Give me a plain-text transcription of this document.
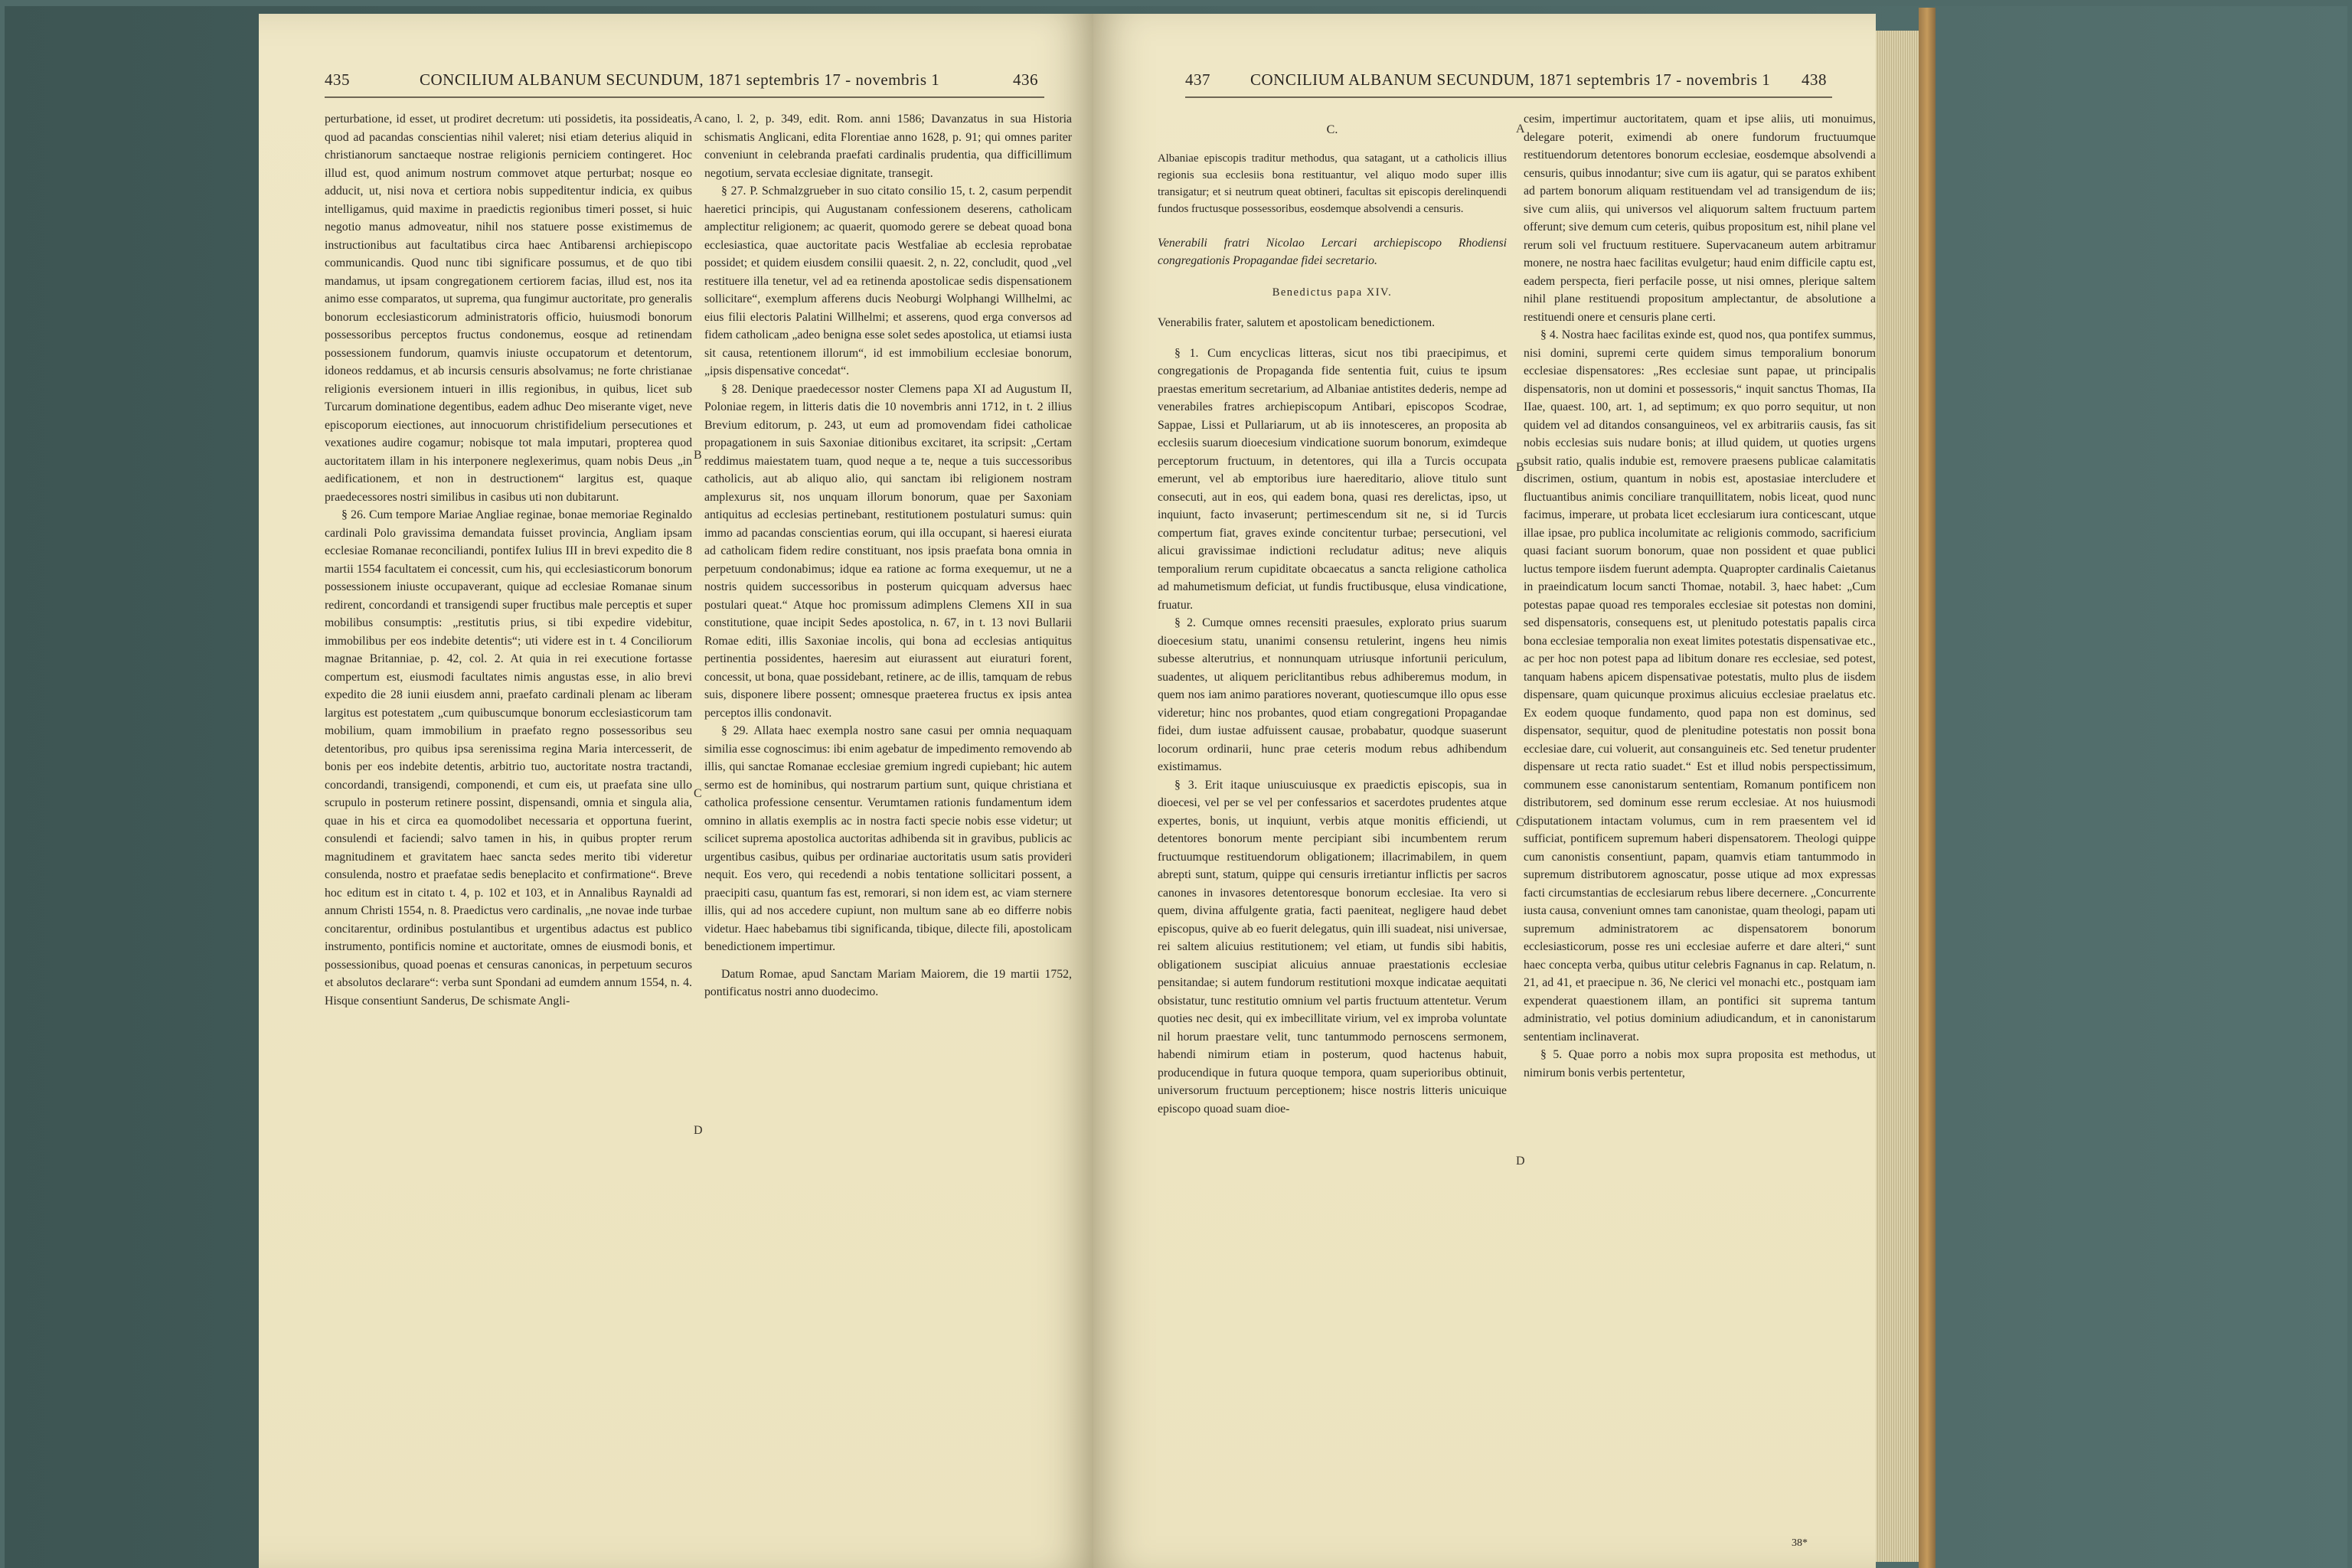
435	CONCILIUM ALBANUM SECUNDUM, 1871 septembris 17 - novembris 1	436

perturbatione, id esset, ut prodiret decretum: uti possidetis, ita possideatis, quod ad pacandas conscientias nihil valeret; nisi etiam deterius aliquid in christianorum sanctaeque nostrae religionis perniciem contingeret. Hoc illud est, quod animum nostrum commovet atque perturbat; nosque eo adducit, ut, nisi nova et certiora nobis suppeditentur indicia, ex quibus intelligamus, quid maxime in praedictis regionibus timeri posset, si huic negotio manus admoveatur, nihil nos statuere posse existimemus de instructionibus aut facultatibus circa haec Antibarensi archiepiscopo communicandis. Quod nunc tibi significare possumus, et de quo tibi mandamus, ut ipsam congregationem certiorem facias, illud est, nos ita animo esse comparatos, ut suprema, qua fungimur auctoritate, pro generalis bonorum ecclesiasticorum administratoris officio, huiusmodi bonorum possessoribus perceptos fructus condonemus, eosque ad retinendam possessionem fundorum, quamvis iniuste occupatorum et detentorum, idoneos reddamus, et ab incursis censuris absolvamus; ne forte christianae religionis eversionem intueri in illis regionibus, in quibus, licet sub Turcarum dominatione degentibus, eadem adhuc Deo miserante viget, neve episcoporum eiectiones, aut innocuorum christifidelium persecutiones et vexationes audire cogamur; nobisque tot mala imputari, propterea quod auctoritatem illam in his interponere neglexerimus, quam nobis Deus „in aedificationem, et non in destructionem“ largitus est, quaque praedecessores nostri similibus in casibus uti non dubitarunt.

§ 26. Cum tempore Mariae Angliae reginae, bonae memoriae Reginaldo cardinali Polo gravissima demandata fuisset provincia, Angliam ipsam ecclesiae Romanae reconciliandi, pontifex Iulius III in brevi expedito die 8 martii 1554 facultatem ei concessit, cum his, qui ecclesiasticorum bonorum possessionem iniuste occupaverant, quique ad ecclesiae Romanae sinum redirent, concordandi et transigendi super fructibus male perceptis et super mobilibus consumptis: „restitutis prius, si tibi expedire videbitur, immobilibus per eos indebite detentis“; uti videre est in t. 4 Conciliorum magnae Britanniae, p. 42, col. 2. At quia in rei executione fortasse compertum est, eiusmodi facultates nimis angustas esse, in alio brevi expedito die 28 iunii eiusdem anni, praefato cardinali plenam ac liberam largitus est potestatem „cum quibuscumque bonorum ecclesiasticorum tam mobilium, quam immobilium in praefato regno possessoribus seu detentoribus, pro quibus ipsa serenissima regina Maria intercesserit, de bonis per eos indebite detentis, arbitrio tuo, auctoritate nostra tractandi, concordandi, transigendi, componendi, et cum eis, ut praefata sine ullo scrupulo in posterum retinere possint, dispensandi, omnia et singula alia, quae in his et circa ea quomodolibet necessaria et opportuna fuerint, consulendi et faciendi; salvo tamen in his, in quibus propter rerum magnitudinem et gravitatem haec sancta sedes merito tibi videretur consulenda, nostro et praefatae sedis beneplacito et confirmatione“. Breve hoc editum est in citato t. 4, p. 102 et 103, et in Annalibus Raynaldi ad annum Christi 1554, n. 8. Praedictus vero cardinalis, „ne novae inde turbae concitarentur, ordinibus postulantibus et urgentibus adactus est publico instrumento, pontificis nomine et auctoritate, omnes de eiusmodi bonis, et possessionibus, quoad poenas et censuras canonicas, in perpetuum securos et absolutos declarare“: verba sunt Spondani ad eumdem annum 1554, n. 4. Hisque consentiunt Sanderus, De schismate Angli-

cano, l. 2, p. 349, edit. Rom. anni 1586; Davanzatus in sua Historia schismatis Anglicani, edita Florentiae anno 1628, p. 91; qui omnes pariter conveniunt in celebranda praefati cardinalis prudentia, qua difficillimum negotium, servata ecclesiae dignitate, transegit.

§ 27. P. Schmalzgrueber in suo citato consilio 15, t. 2, casum perpendit haeretici principis, qui Augustanam confessionem deserens, catholicam amplectitur religionem; ac quaerit, quomodo gerere se debeat quoad bona ecclesiastica, quae auctoritate pacis Westfaliae ab ecclesia reprobatae possidet; et quidem eiusdem consilii quaesit. 2, n. 22, concludit, quod „vel restituere illa tenetur, vel ad ea retinenda apostolicae sedis dispensationem sollicitare“, exemplum afferens ducis Neoburgi Wolphangi Willhelmi, ac eius filii electoris Palatini Willhelmi; et asserens, quod erga conversos ad fidem catholicam „adeo benigna esse solet sedes apostolica, ut etiamsi iusta sit causa, retentionem illorum“, id est immobilium ecclesiae bonorum, „ipsis dispensative concedat“.

§ 28. Denique praedecessor noster Clemens papa XI ad Augustum II, Poloniae regem, in litteris datis die 10 novembris anni 1712, in t. 2 illius Brevium editorum, p. 243, ut eum ad promovendam fidei catholicae propagationem in suis Saxoniae ditionibus excitaret, ita scripsit: „Certam reddimus maiestatem tuam, quod neque a te, neque a tuis successoribus catholicis, aut ab aliquo alio, qui sanctam ibi religionem nostram amplexurus sit, nos unquam illorum bonorum, quae per Saxoniam antiquitus ad ecclesias pertinebant, restitutionem postulaturi sumus: quin immo ad pacandas conscientias eorum, qui illa occupant, si haeresi eiurata ad catholicam fidem redire constituant, nos ipsis praefata bona omnia in perpetuum condonabimus; idque ea ratione ac forma exequemur, ut ne a nostris quidem successoribus in posterum quicquam adversus haec postulari queat.“ Atque hoc promissum adimplens Clemens XII in sua constitutione, quae incipit Sedes apostolica, n. 67, in t. 13 novi Bullarii Romae editi, illis Saxoniae incolis, qui bona ad ecclesias antiquitus pertinentia possidentes, haeresim aut eiurassent aut eiuraturi forent, concessit, ut bona, quae possidebant, retinere, ac de illis, tamquam de rebus suis, disponere libere possent; omnesque praeterea fructus ex ipsis antea perceptos illis condonavit.

§ 29. Allata haec exempla nostro sane casui per omnia nequaquam similia esse cognoscimus: ibi enim agebatur de impedimento removendo ab illis, qui sanctae Romanae ecclesiae gremium ingredi cupiebant; hic autem sermo est de hominibus, qui nostrarum partium sunt, quique christiana et catholica professione censentur. Verumtamen rationis fundamentum idem omnino in allatis exemplis ac in nostra facti specie nobis esse videtur; ut scilicet suprema apostolica auctoritas adhibenda sit in gravibus, publicis ac urgentibus casibus, quibus per ordinariae auctoritatis usum satis provideri nequit. Eos vero, qui recedendi a nobis tentatione sollicitari possent, a praecipiti casu, quantum fas est, remorari, si non idem est, ac viam sternere illis, qui ad nos accedere cupiunt, non multum sane ab eo differre nobis videtur. Haec habebamus tibi significanda, tibique, dilecte fili, apostolicam benedictionem impertimur.

Datum Romae, apud Sanctam Mariam Maiorem, die 19 martii 1752, pontificatus nostri anno duodecimo.

A
B
C
D
437 CONCILIUM ALBANUM SECUNDUM, 1871 septembris 17 - novembris 1 438
C.
Albaniae episcopis traditur methodus, qua satagant, ut a catholicis illius regionis sua ecclesiis bona restituantur, vel aliquo modo super illis transigatur; et si neutrum queat obtineri, facultas sit episcopis derelinquendi fundos fructusque possessoribus, eosdemque absolvendi a censuris.
Venerabili fratri Nicolao Lercari archiepiscopo Rhodiensi congregationis Propagandae fidei secretario.
Benedictus papa XIV.
Venerabilis frater, salutem et apostolicam benedictionem.

§ 1. Cum encyclicas litteras, sicut nos tibi praecipimus, et congregationis de Propaganda fide sententia fuit, cuius te ipsum praestas emeritum secretarium, ad Albaniae antistites dederis, nempe ad venerabiles fratres archiepiscopum Antibari, episcopos Scodrae, Sappae, Lissi et Pullariarum, ut ab iis innotesceres, an proposita ab ecclesiis suarum dioecesium vindicatione suorum bonorum, eximdeque perceptorum fructuum, in detentores, qui illa a Turcis occupata emerunt, vel ab emptoribus iure haereditario, aliove titulo sunt consecuti, aut in eos, qui eadem bona, quasi res derelictas, ipso, ut inquiunt, facto invaserunt; pertimescendum sit ne, si id Turcis compertum fiat, graves exinde concitentur turbae; persecutioni, vel alicui gravissimae indictioni recludatur aditus; neve aliquis temporalium rerum cupiditate obcaecatus a sancta religione catholica ad mahumetismum deficiat, ut fundis fructibusque, elusa vindicatione, fruatur.

§ 2. Cumque omnes recensiti praesules, explorato prius suarum dioecesium statu, unanimi consensu retulerint, ingens heu nimis subesse alterutrius, et nonnunquam utriusque infortunii periculum, suadentes, ut aliquem periclitantibus rebus adhiberemus modum, in quem nos iam animo paratiores noverant, quotiescumque illo opus esse videretur; hinc nos probantes, quod etiam congregationi Propagandae fidei, dum iustae adfuissent causae, probabatur, quodque suaserunt locorum ordinarii, hunc prae ceteris modum rebus adhibendum existimamus.

§ 3. Erit itaque uniuscuiusque ex praedictis episcopis, sua in dioecesi, vel per se vel per confessarios et sacerdotes prudentes atque expertes, bonis, ut inquiunt, verbis atque monitis efficiendi, ut detentores bonorum mente percipiant sibi incumbentem rerum fructuumque restituendorum obligationem; illacrimabilem, in quem abrepti sunt, statum, quippe qui censuris irretiantur inflictis per sacros canones in invasores detentoresque bonorum ecclesiae. Ita vero si quem, divina affulgente gratia, facti paeniteat, negligere haud debet episcopus, quive ab eo fuerit delegatus, quin illi suadeat, nisi universae, rei saltem alicuius restitutionem; vel etiam, ut fundis sibi habitis, obligationem suscipiat alicuius annuae praestationis ecclesiae pensitandae; si autem fundorum restitutioni moxque indicatae aequitati obsistatur, tunc restitutio omnium vel partis fructuum attentetur. Verum quoties nec desit, qui ex imbecillitate virium, vel ex improba voluntate nil horum praestare velit, tunc tantummodo pernoscens sermonem, habendi nimirum etiam in posterum, quod hactenus habuit, producendique in futura quoque tempora, quam superioribus obtinuit, universorum fructuum perceptionem; hisce nostris litteris unicuique episcopo quoad suam dioe-

cesim, impertimur auctoritatem, quam et ipse aliis, uti monuimus, delegare poterit, eximendi ab onere fundorum fructuumque restituendorum detentores bonorum ecclesiae, eosdemque absolvendi a censuris, quibus innodantur; sive cum iis agatur, qui se paratos exhibent ad partem bonorum aliquam restituendam vel ad transigendum de iis; sive cum aliis, qui universos vel aliquorum saltem fructuum partem offerunt; sive demum cum ceteris, quibus propositum est, nihil plane vel rerum soli vel fructuum restituere. Supervacaneum autem arbitramur monere, ne nostra haec facilitas evulgetur; haud enim difficile captu est, eadem perspecta, fieri perfacile posse, ut nisi omnes, plerique saltem nihil plane restituendi propositum amplectantur, de absolutione a restituendi onere et censuris plane certi.

§ 4. Nostra haec facilitas exinde est, quod nos, qua pontifex summus, nisi domini, supremi certe quidem simus temporalium bonorum ecclesiae dispensatores: „Res ecclesiae sunt papae, ut principalis dispensatoris, non ut domini et possessoris,“ inquit sanctus Thomas, IIa IIae, quaest. 100, art. 1, ad septimum; ex quo porro sequitur, ut non quidem vel ad ditandos consanguineos, vel ex arbitrariis causis, fas sit nobis ecclesias suis nudare bonis; at illud quidem, ut quoties urgens subsit ratio, qualis indubie est, removere praesens publicae calamitatis discrimen, ostium, quantum in nobis est, apostasiae intercludere et fluctuantibus animis conciliare tranquillitatem, nobis liceat, quod nunc facimus, imperare, ut probata licet ecclesiarum iura conticescant, utque illae ipsae, pro publica incolumitate ac religionis commodo, sacrificium quasi faciant suorum bonorum, quae non possident et quae publici luctus tempore iisdem fuerunt adempta. Quapropter cardinalis Caietanus in praeindicatum locum sancti Thomae, notabil. 3, haec habet: „Cum potestas papae quoad res temporales ecclesiae sit potestas non domini, sed dispensatoris, consequens est, ut plenitudo potestatis papalis circa bona ecclesiae temporalia non exeat limites potestatis dispensativae etc., ac per hoc non potest papa ad libitum donare res ecclesiae, sed potest, tanquam habens apicem dispensativae potestatis, multo plus de iisdem dispensare, quam quicunque proximus alicuius ecclesiae praelatus etc. Ex eodem quoque fundamento, quod papa non est dominus, sed dispensator, sequitur, quod de plenitudine potestatis non possit bona ecclesiae dare, cui voluerit, aut consanguineis etc. Sed tenetur prudenter dispensare ut recta ratio suadet.“ Est et illud nobis perspectissimum, communem esse canonistarum sententiam, Romanum pontificem non distributorem, sed dominum esse rerum ecclesiae. At nos huiusmodi disputationem intactam volumus, cum in rem praesentem vel id sufficiat, pontificem supremum haberi dispensatorem. Theologi quippe cum canonistis consentiunt, papam, quamvis etiam tantummodo in supremum distributorem agnoscatur, posse utique ad mox expressas facti circumstantias de ecclesiarum rebus libere decernere. „Concurrente iusta causa, conveniunt omnes tam canonistae, quam theologi, papam uti supremum administratorem ac dispensatorem bonorum ecclesiasticorum, posse res uni ecclesiae auferre et dare alteri,“ sunt haec concepta verba, quibus utitur celebris Fagnanus in cap. Relatum, n. 21, ad 41, et praecipue n. 36, Ne clerici vel monachi etc., postquam iam expenderat quaestionem illam, an pontifici sit suprema tantum administratio, vel potius dominium adiudicandum, et in canonistarum sententiam inclinaverat.

§ 5. Quae porro a nobis mox supra proposita est methodus, ut nimirum bonis verbis pertentetur,

A
B
C
D
38*
